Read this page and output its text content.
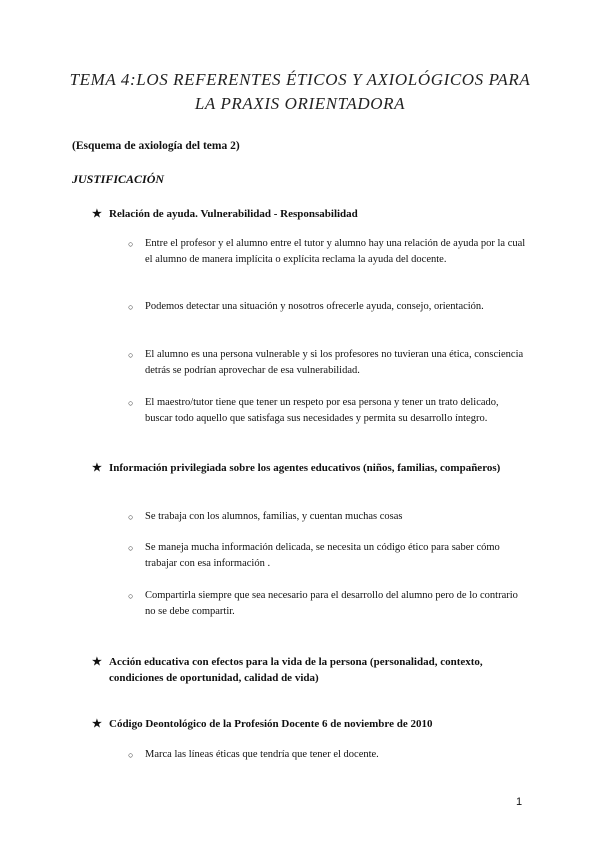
TEMA 4:LOS REFERENTES ÉTICOS Y AXIOLÓGICOS PARA
LA PRAXIS ORIENTADORA
(Esquema de axiología del tema 2)
JUSTIFICACIÓN
★ Relación de ayuda. Vulnerabilidad - Responsabilidad
○	Entre el profesor y el alumno entre el tutor y alumno hay una relación de ayuda por la cual el alumno de manera implícita o explícita reclama la ayuda del docente.
○	Podemos detectar una situación y nosotros ofrecerle ayuda, consejo, orientación.
○	El alumno es una persona vulnerable y si los profesores no tuvieran una ética, consciencia detrás se podrían aprovechar de esa vulnerabilidad.
○	El maestro/tutor tiene que tener un respeto por esa persona y tener un trato delicado, buscar todo aquello que satisfaga sus necesidades y permita su desarrollo íntegro.
★ Información privilegiada sobre los agentes educativos (niños, familias, compañeros)
○	Se trabaja con los alumnos, familias, y cuentan muchas cosas
○	Se maneja mucha información delicada, se necesita un código ético para saber cómo trabajar con esa información .
○	Compartirla siempre que sea necesario para el desarrollo del alumno pero de lo contrario no se debe compartir.
★ Acción educativa con efectos para la vida de la persona (personalidad, contexto, condiciones de oportunidad, calidad de vida)
★ Código Deontológico de la Profesión Docente 6 de noviembre de 2010
○	Marca las líneas éticas que tendría que tener el docente.
1
